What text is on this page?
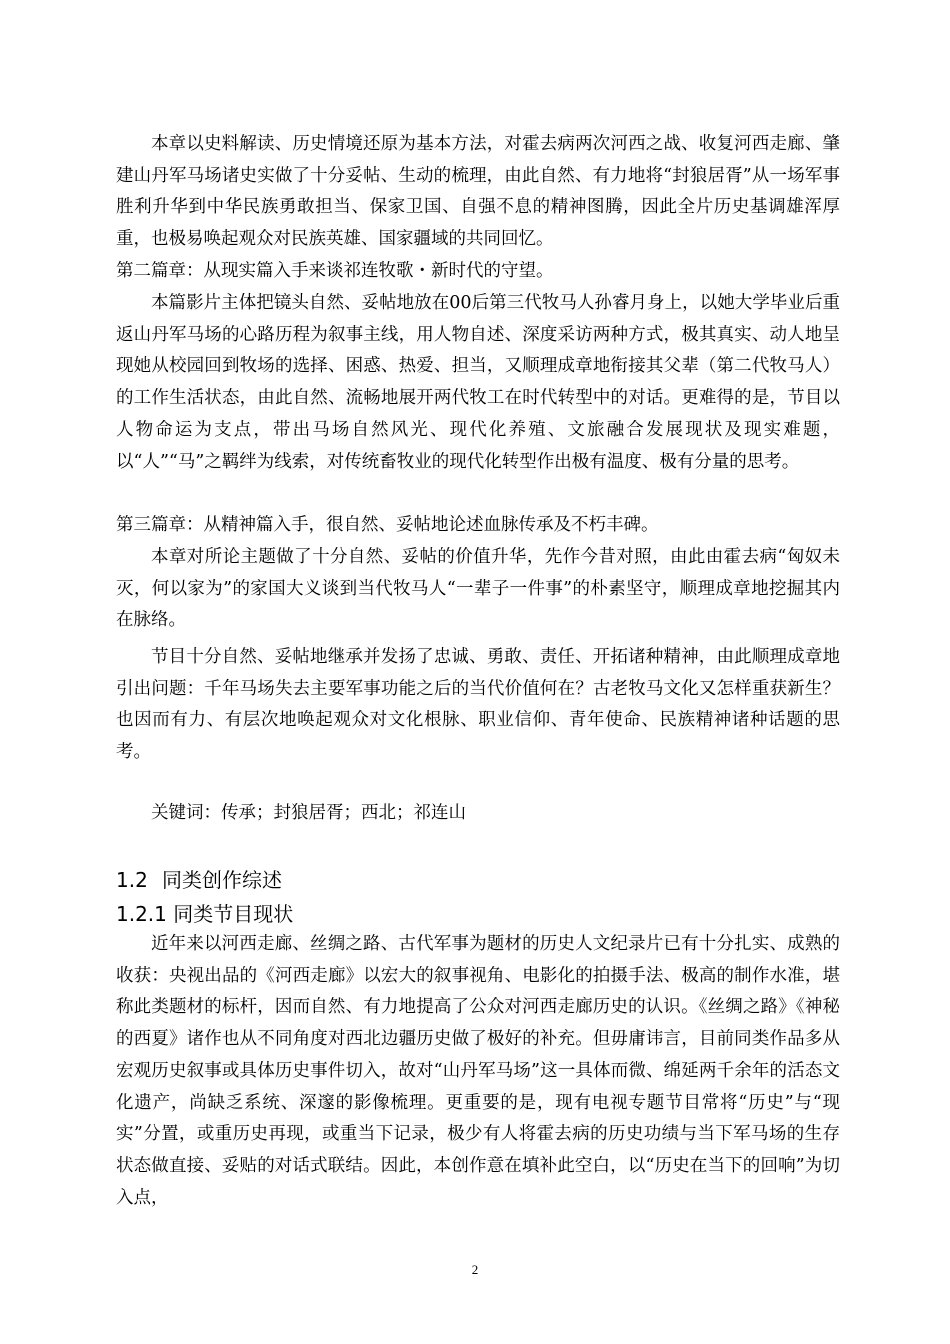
本章以史料解读、历史情境还原为基本方法，对霍去病两次河西之战、收复河西走廊、肇建山丹军马场诸史实做了十分妥帖、生动的梳理，由此自然、有力地将“封狼居胥”从一场军事胜利升华到中华民族勇敢担当、保家卫国、自强不息的精神图腾，因此全片历史基调雄浑厚重，也极易唤起观众对民族英雄、国家疆域的共同回忆。

第二篇章：从现实篇入手来谈祁连牧歌・新时代的守望。

本篇影片主体把镜头自然、妥帖地放在00后第三代牧马人孙睿月身上，以她大学毕业后重返山丹军马场的心路历程为叙事主线，用人物自述、深度采访两种方式，极其真实、动人地呈现她从校园回到牧场的选择、困惑、热爱、担当，又顺理成章地衔接其父辈（第二代牧马人）的工作生活状态，由此自然、流畅地展开两代牧工在时代转型中的对话。更难得的是，节目以人物命运为支点，带出马场自然风光、现代化养殖、文旅融合发展现状及现实难题，以“人”“马”之羁绊为线索，对传统畜牧业的现代化转型作出极有温度、极有分量的思考。

第三篇章：从精神篇入手，很自然、妥帖地论述血脉传承及不朽丰碑。

本章对所论主题做了十分自然、妥帖的价值升华，先作今昔对照，由此由霍去病“匈奴未灭，何以家为”的家国大义谈到当代牧马人“一辈子一件事”的朴素坚守，顺理成章地挖掘其内在脉络。

节目十分自然、妥帖地继承并发扬了忠诚、勇敢、责任、开拓诸种精神，由此顺理成章地引出问题：千年马场失去主要军事功能之后的当代价值何在？古老牧马文化又怎样重获新生？也因而有力、有层次地唤起观众对文化根脉、职业信仰、青年使命、民族精神诸种话题的思考。

关键词：传承；封狼居胥；西北；祁连山

1.2 同类创作综述

1.2.1 同类节目现状

近年来以河西走廊、丝绸之路、古代军事为题材的历史人文纪录片已有十分扎实、成熟的收获：央视出品的《河西走廊》以宏大的叙事视角、电影化的拍摄手法、极高的制作水准，堪称此类题材的标杆，因而自然、有力地提高了公众对河西走廊历史的认识。《丝绸之路》《神秘的西夏》诸作也从不同角度对西北边疆历史做了极好的补充。但毋庸讳言，目前同类作品多从宏观历史叙事或具体历史事件切入，故对“山丹军马场”这一具体而微、绵延两千余年的活态文化遗产，尚缺乏系统、深邃的影像梳理。更重要的是，现有电视专题节目常将“历史”与“现实”分置，或重历史再现，或重当下记录，极少有人将霍去病的历史功绩与当下军马场的生存状态做直接、妥贴的对话式联结。因此，本创作意在填补此空白，以“历史在当下的回响”为切入点，

2
